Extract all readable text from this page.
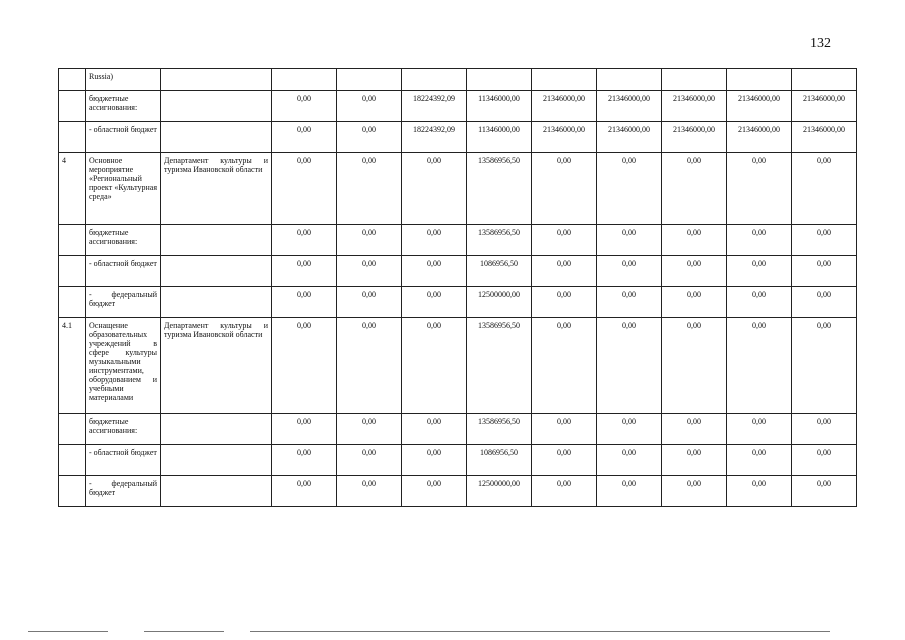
132
	Russia)										
	бюджетные ассигнования:		0,00	0,00	18224392,09	11346000,00	21346000,00	21346000,00	21346000,00	21346000,00	21346000,00
	- областной бюджет		0,00	0,00	18224392,09	11346000,00	21346000,00	21346000,00	21346000,00	21346000,00	21346000,00
4	Основное мероприятие «Региональный проект «Культурная среда»	Департамент культуры и туризма Ивановской области	0,00	0,00	0,00	13586956,50	0,00	0,00	0,00	0,00	0,00
	бюджетные ассигнования:		0,00	0,00	0,00	13586956,50	0,00	0,00	0,00	0,00	0,00
	- областной бюджет		0,00	0,00	0,00	1086956,50	0,00	0,00	0,00	0,00	0,00
	- федеральный бюджет		0,00	0,00	0,00	12500000,00	0,00	0,00	0,00	0,00	0,00
4.1	Оснащение образовательных учреждений в сфере культуры музыкальными инструментами, оборудованием и учебными материалами	Департамент культуры и туризма Ивановской области	0,00	0,00	0,00	13586956,50	0,00	0,00	0,00	0,00	0,00
	бюджетные ассигнования:		0,00	0,00	0,00	13586956,50	0,00	0,00	0,00	0,00	0,00
	- областной бюджет		0,00	0,00	0,00	1086956,50	0,00	0,00	0,00	0,00	0,00
	- федеральный бюджет		0,00	0,00	0,00	12500000,00	0,00	0,00	0,00	0,00	0,00
